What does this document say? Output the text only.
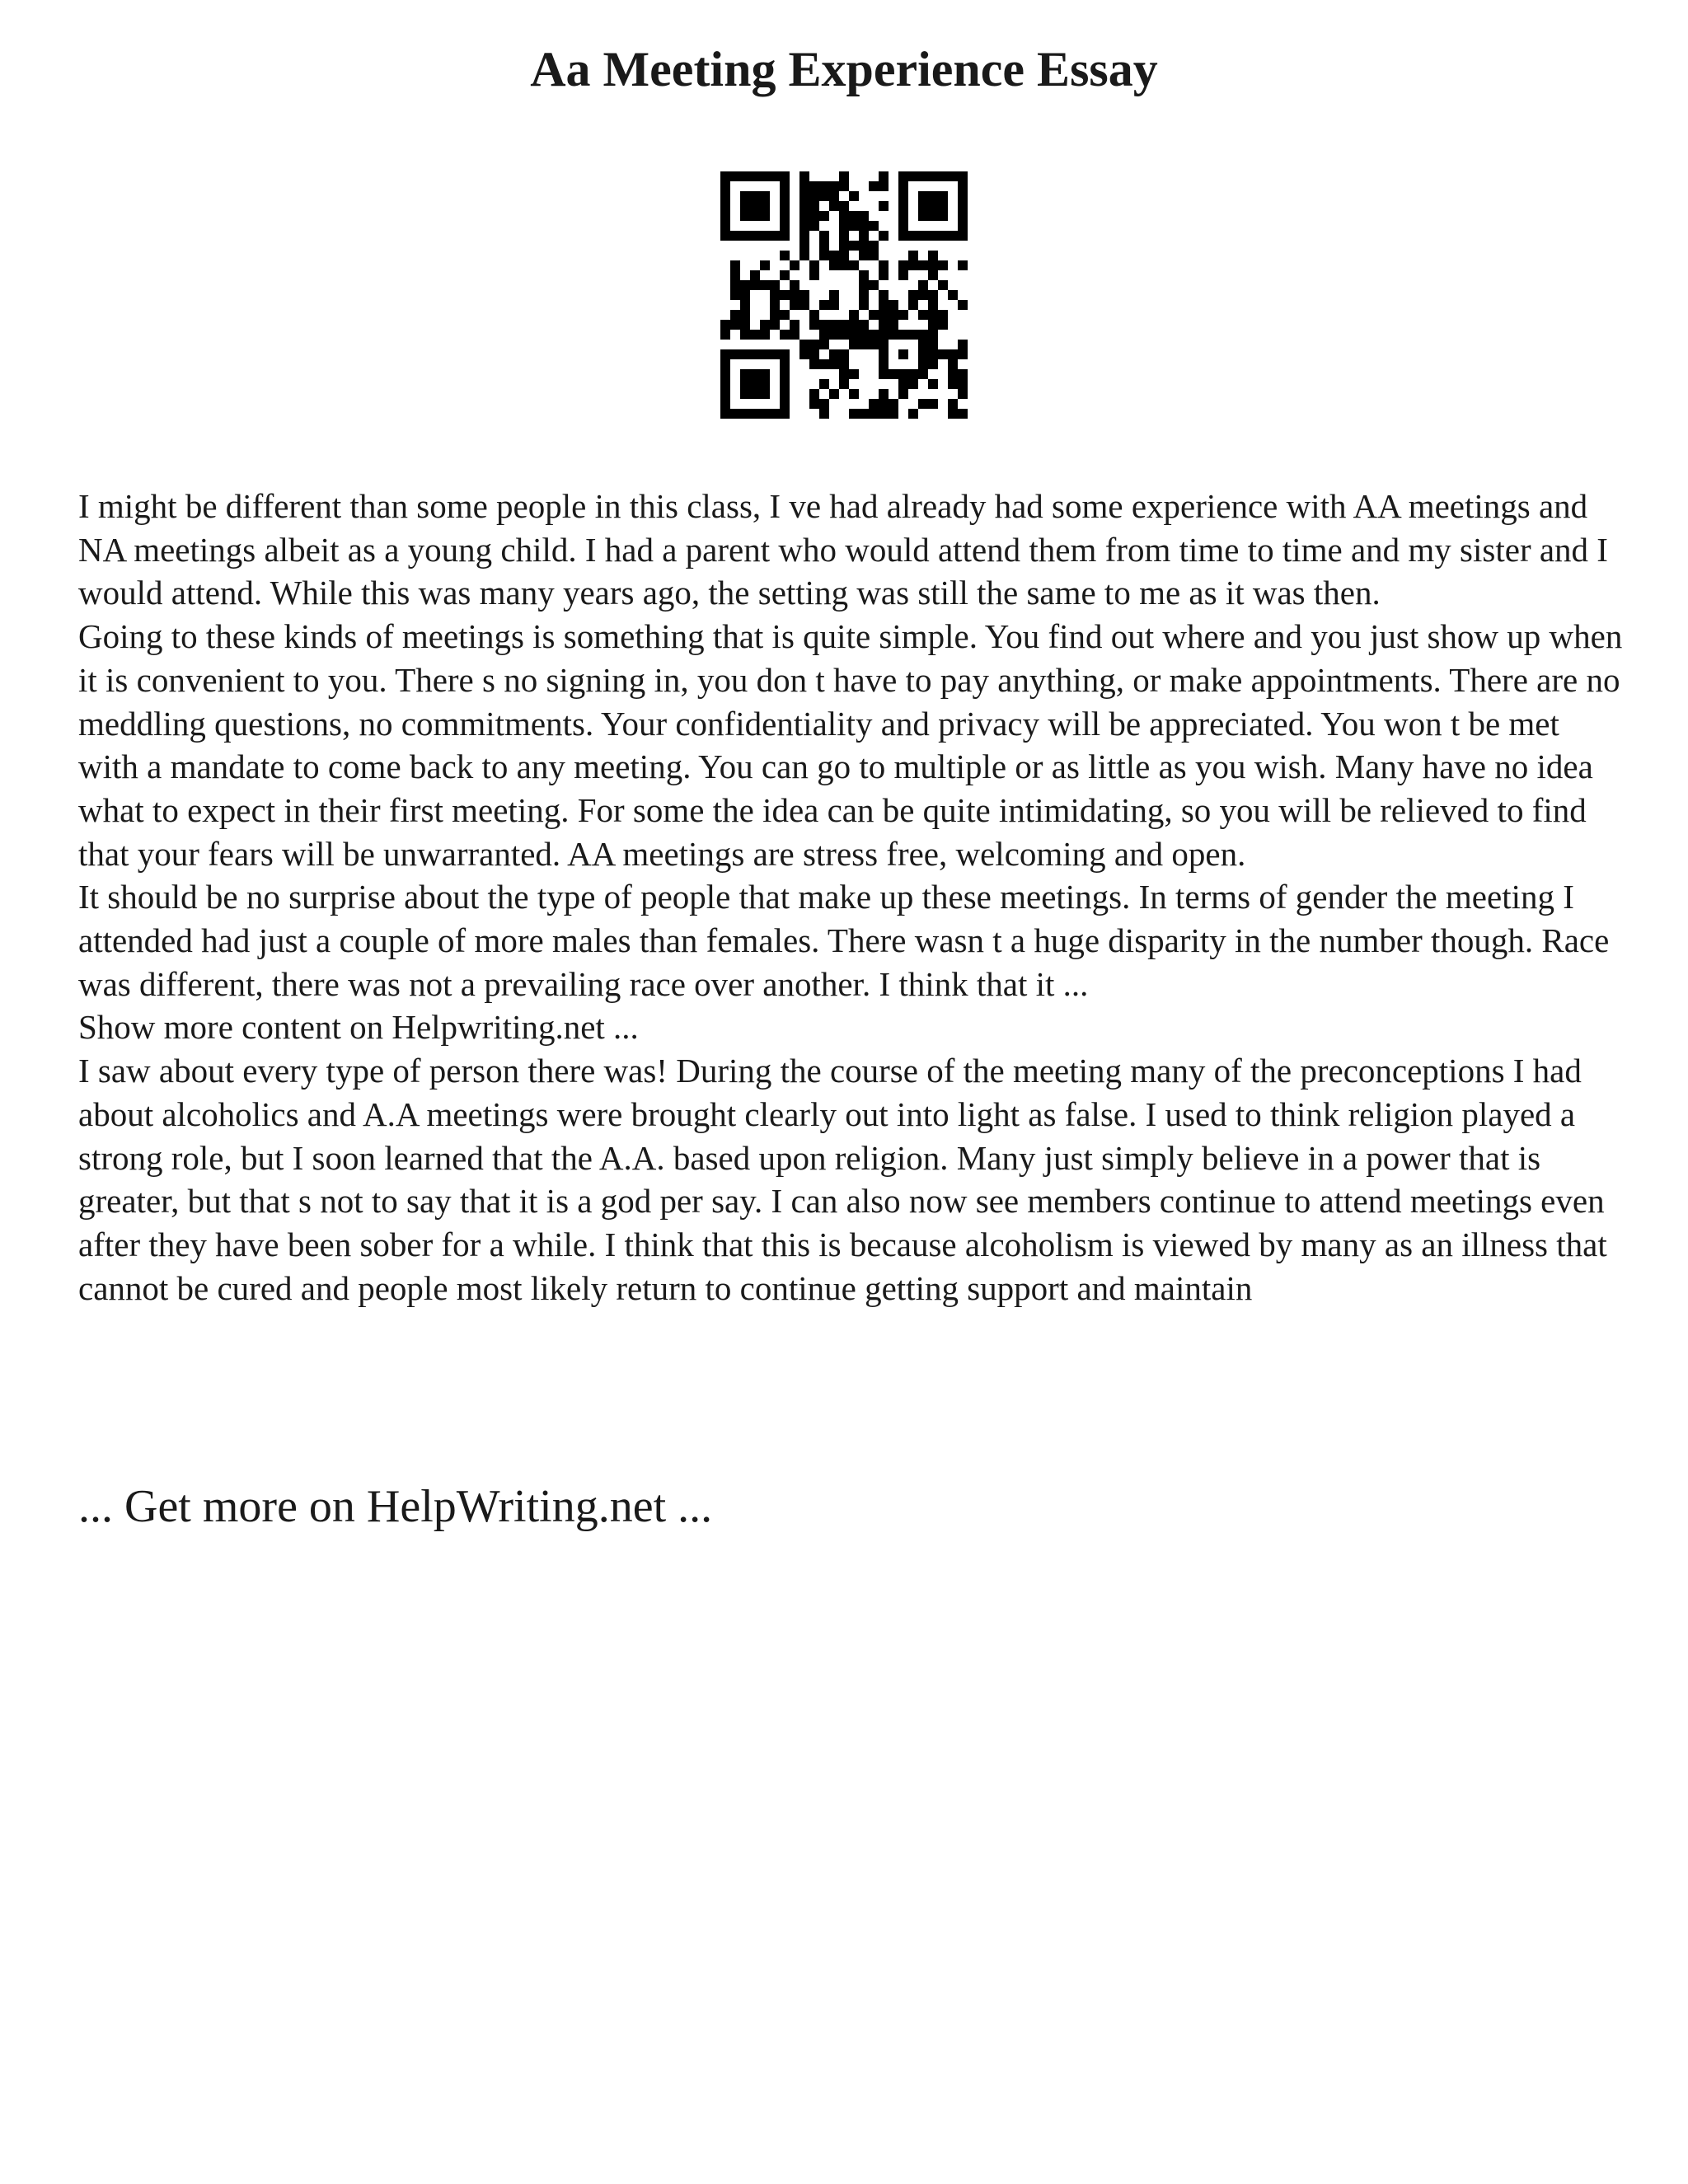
Aa Meeting Experience Essay

I might be different than some people in this class, I ve had already had some experience with AA meetings and NA meetings albeit as a young child. I had a parent who would attend them from time to time and my sister and I would attend. While this was many years ago, the setting was still the same to me as it was then.

Going to these kinds of meetings is something that is quite simple. You find out where and you just show up when it is convenient to you. There s no signing in, you don t have to pay anything, or make appointments. There are no meddling questions, no commitments. Your confidentiality and privacy will be appreciated. You won t be met with a mandate to come back to any meeting. You can go to multiple or as little as you wish. Many have no idea what to expect in their first meeting. For some the idea can be quite intimidating, so you will be relieved to find that your fears will be unwarranted. AA meetings are stress free, welcoming and open.

It should be no surprise about the type of people that make up these meetings. In terms of gender the meeting I attended had just a couple of more males than females. There wasn t a huge disparity in the number though. Race was different, there was not a prevailing race over another. I think that it ...

Show more content on Helpwriting.net ...

I saw about every type of person there was! During the course of the meeting many of the preconceptions I had about alcoholics and A.A meetings were brought clearly out into light as false. I used to think religion played a strong role, but I soon learned that the A.A. based upon religion. Many just simply believe in a power that is greater, but that s not to say that it is a god per say. I can also now see members continue to attend meetings even after they have been sober for a while. I think that this is because alcoholism is viewed by many as an illness that cannot be cured and people most likely return to continue getting support and maintain

... Get more on HelpWriting.net ...
